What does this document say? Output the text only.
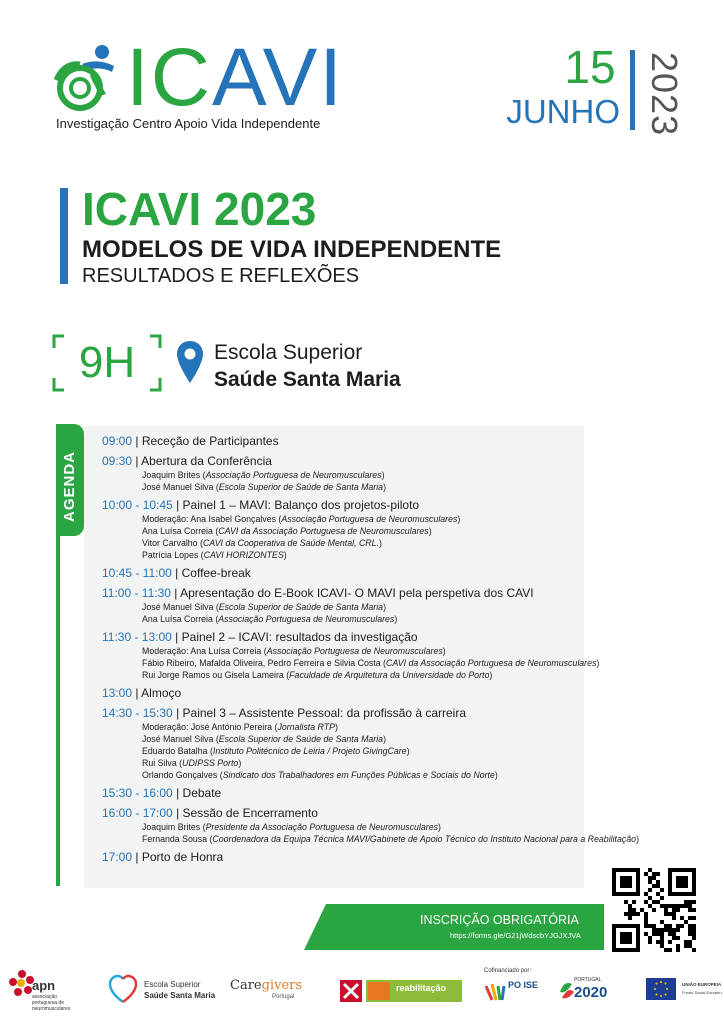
ICAVI
Investigação Centro Apoio Vida Independente
15
JUNHO 2023
ICAVI 2023
MODELOS DE VIDA INDEPENDENTE
RESULTADOS E REFLEXÕES
9H	Escola Superior
Saúde Santa Maria
AGENDA
09:00 | Receção de Participantes
09:30 | Abertura da Conferência
Joaquim Brites (Associação Portuguesa de Neuromusculares)
José Manuel Silva (Escola Superior de Saúde de Santa Maria)
10:00 - 10:45 | Painel 1 – MAVI: Balanço dos projetos-piloto
Moderação: Ana Isabel Gonçalves (Associação Portuguesa de Neuromusculares)
Ana Luísa Correia (CAVI da Associação Portuguesa de Neuromusculares)
Vitor Carvalho (CAVI da Cooperativa de Saúde Mental, CRL.)
Patrícia Lopes (CAVI HORIZONTES)
10:45 - 11:00 | Coffee-break
11:00 - 11:30 | Apresentação do E-Book ICAVI- O MAVI pela perspetiva dos CAVI
José Manuel Silva (Escola Superior de Saúde de Santa Maria)
Ana Luísa Correia (Associação Portuguesa de Neuromusculares)
11:30 - 13:00 | Painel 2 – ICAVI: resultados da investigação
Moderação: Ana Luísa Correia (Associação Portuguesa de Neuromusculares)
Fábio Ribeiro, Mafalda Oliveira, Pedro Ferreira e Silvia Costa (CAVI da Associação Portuguesa de Neuromusculares)
Rui Jorge Ramos ou Gisela Lameira (Faculdade de Arquitetura da Universidade do Porto)
13:00 | Almoço
14:30 - 15:30 | Painel 3 – Assistente Pessoal: da profissão à carreira
Moderação: José António Pereira (Jornalista RTP)
José Manuel Silva (Escola Superior de Saúde de Santa Maria)
Eduardo Batalha (Instituto Politécnico de Leiria / Projeto GivingCare)
Rui Silva (UDIPSS Porto)
Orlando Gonçalves (Sindicato dos Trabalhadores em Funções Públicas e Sociais do Norte)
15:30 - 16:00 | Debate
16:00 - 17:00 | Sessão de Encerramento
Joaquim Brites (Presidente da Associação Portuguesa de Neuromusculares)
Fernanda Sousa (Coordenadora da Equipa Técnica MAVI/Gabinete de Apoio Técnico do Instituto Nacional para a Reabilitação)
17:00 | Porto de Honra
INSCRIÇÃO OBRIGATÓRIA
https://forms.gle/G21jWdscbYJGJXJVA
apn
associação
portuguesa de
neuromusculares
Escola Superior
Saúde Santa Maria
Caregivers
Portugal
reabilitação
Cofinanciado por:
PO ISE	PORTUGAL
2020	UNIÃO EUROPEIA
Fundo Social Europeu
